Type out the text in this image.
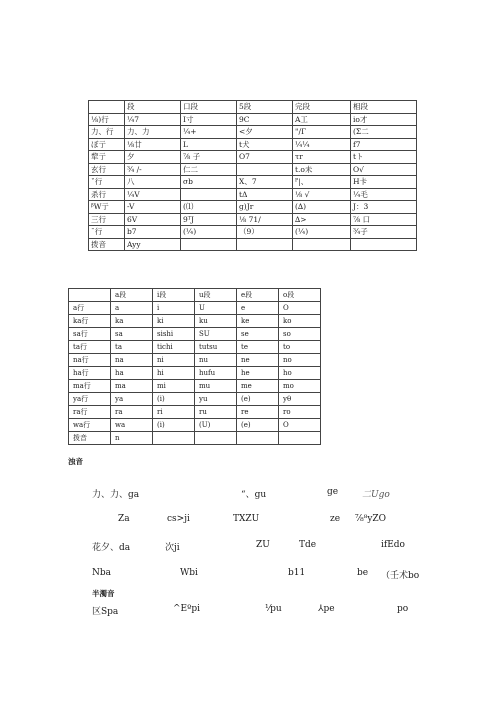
	段	口段	5段	完段	相段
⅛)行	¼7	I寸	9C	A工	io才
力、行	力、力	¼+	<夕	"/Γ	(Σ二
ぼ亍	⅛廿	L	t犬	¼¼	f7
犂亍	夕	⅞ 子	O7	τr	tト
玄行	¾ /-	仁二		t.o未	O√
ˇ行	八	σb	X、7	ᴾ|、	H卡
杀行	¼V		tΔ	⅛ √	¼毛
ᵝW亍	-V	(⑴	ɡ)Jr	(∆)	J：3
三行	6V	9ᵀJ	⅛ 71/	∆>	⅞ 口
ˉ行	b7	(¼)	（9）	(¼)	¾子
拨音	Ayy				
	a段	i段	u段	e段	o段
a行	a	i	U	e	O
ka行	ka	ki	ku	ke	ko
sa行	sa	sishi	SU	se	so
ta行	ta	tichi	tutsu	te	to
na行	na	ni	nu	ne	no
ha行	ha	hi	hufu	he	ho
ma行	ma	mi	mu	me	mo
ya行	ya	(i)	yu	(e)	yθ
ra行	ra	ri	ru	re	ro
wa行	wa	(i)	(U)	(e)	O
拨音	n				
浊音
力、力、ga	“、gu	ge	二Ugo
Za	cs>ji	TXZU	ze ⅞⁸yZO
花夕、da	次ji	ZU	Tde	ifEdo
Nba	Wbi	b11	be （壬术bo
半濁音
区Spa	^Eºpi	⅟pu	⅄pe	po
